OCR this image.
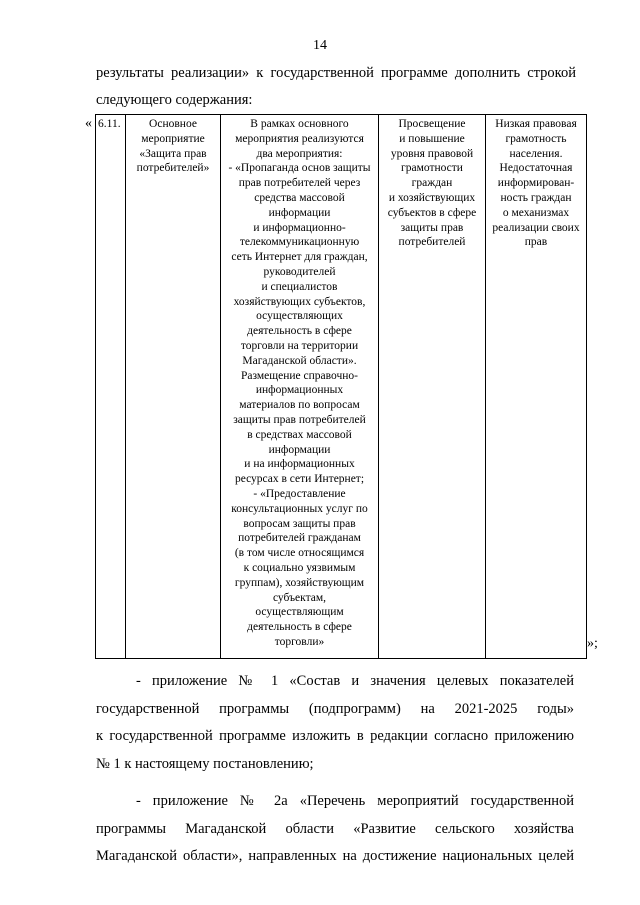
14
результаты реализации» к государственной программе дополнить строкой
следующего содержания:
« 6.11.	Основное
мероприятие
«Защита прав
потребителей»	В рамках основного
мероприятия реализуются
два мероприятия:
- «Пропаганда основ защиты
прав потребителей через
средства массовой
информации
и информационно-
телекоммуникационную
сеть Интернет для граждан,
руководителей
и специалистов
хозяйствующих субъектов,
осуществляющих
деятельность в сфере
торговли на территории
Магаданской области».
Размещение справочно-
информационных
материалов по вопросам
защиты прав потребителей
в средствах массовой
информации
и на информационных
ресурсах в сети Интернет;
- «Предоставление
консультационных услуг по
вопросам защиты прав
потребителей гражданам
(в том числе относящимся
к социально уязвимым
группам), хозяйствующим
субъектам,
осуществляющим
деятельность в сфере
торговли»	Просвещение
и повышение
уровня правовой
грамотности
граждан
и хозяйствующих
субъектов в сфере
защиты прав
потребителей	Низкая правовая
грамотность
населения.
Недостаточная
информирован-
ность граждан
о механизмах
реализации своих
прав
»;
- приложение № 1 «Состав и значения целевых показателей
государственной программы (подпрограмм) на 2021-2025 годы»
к государственной программе изложить в редакции согласно приложению
№ 1 к настоящему постановлению;
- приложение № 2а «Перечень мероприятий государственной
программы Магаданской области «Развитие сельского хозяйства
Магаданской области», направленных на достижение национальных целей
